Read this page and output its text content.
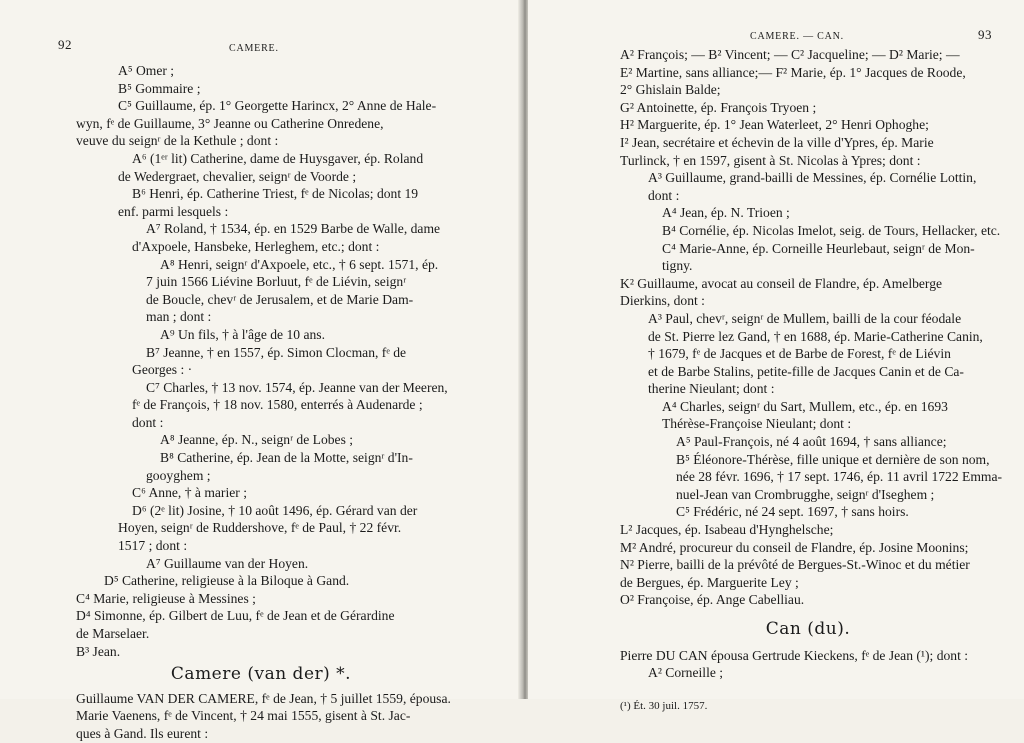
92	CAMERE.
A⁵ Omer ;
B⁵ Gommaire ;
C⁵ Guillaume, ép. 1° Georgette Harincx, 2° Anne de Hale-
wyn, fᵉ de Guillaume, 3° Jeanne ou Catherine Onredene,
veuve du seignʳ de la Kethule ; dont :
A⁶ (1ᵉʳ lit) Catherine, dame de Huysgaver, ép. Roland
de Wedergraet, chevalier, seignʳ de Voorde ;
B⁶ Henri, ép. Catherine Triest, fᵉ de Nicolas; dont 19
enf. parmi lesquels :
A⁷ Roland, † 1534, ép. en 1529 Barbe de Walle, dame
d'Axpoele, Hansbeke, Herleghem, etc.; dont :
A⁸ Henri, seignʳ d'Axpoele, etc., † 6 sept. 1571, ép.
7 juin 1566 Liévine Borluut, fᵉ de Liévin, seignʳ
de Boucle, chevʳ de Jerusalem, et de Marie Dam-
man ; dont :
A⁹ Un fils, † à l'âge de 10 ans.
B⁷ Jeanne, † en 1557, ép. Simon Clocman, fᵉ de
Georges : ·
C⁷ Charles, † 13 nov. 1574, ép. Jeanne van der Meeren,
fᵉ de François, † 18 nov. 1580, enterrés à Audenarde ;
dont :
A⁸ Jeanne, ép. N., seignʳ de Lobes ;
B⁸ Catherine, ép. Jean de la Motte, seignʳ d'In-
gooyghem ;
C⁶ Anne, † à marier ;
D⁶ (2ᵉ lit) Josine, † 10 août 1496, ép. Gérard van der
Hoyen, seignʳ de Ruddershove, fᵉ de Paul, † 22 févr.
1517 ; dont :
A⁷ Guillaume van der Hoyen.
D⁵ Catherine, religieuse à la Biloque à Gand.
C⁴ Marie, religieuse à Messines ;
D⁴ Simonne, ép. Gilbert de Luu, fᵉ de Jean et de Gérardine
de Marselaer.
B³ Jean.
Camere (van der) *.
Guillaume VAN DER CAMERE, fᵉ de Jean, † 5 juillet 1559, épousa.
Marie Vaenens, fᵉ de Vincent, † 24 mai 1555, gisent à St. Jac-
ques à Gand. Ils eurent :
CAMERE. — CAN.	93
A² François; — B² Vincent; — C² Jacqueline; — D² Marie; —
E² Martine, sans alliance;— F² Marie, ép. 1° Jacques de Roode,
2° Ghislain Balde;
G² Antoinette, ép. François Tryoen ;
H² Marguerite, ép. 1° Jean Waterleet, 2° Henri Ophoghe;
I² Jean, secrétaire et échevin de la ville d'Ypres, ép. Marie
Turlinck, † en 1597, gisent à St. Nicolas à Ypres; dont :
A³ Guillaume, grand-bailli de Messines, ép. Cornélie Lottin,
dont :
A⁴ Jean, ép. N. Trioen ;
B⁴ Cornélie, ép. Nicolas Imelot, seig. de Tours, Hellacker, etc.
C⁴ Marie-Anne, ép. Corneille Heurlebaut, seignʳ de Mon-
tigny.
K² Guillaume, avocat au conseil de Flandre, ép. Amelberge
Dierkins, dont :
A³ Paul, chevʳ, seignʳ de Mullem, bailli de la cour féodale
de St. Pierre lez Gand, † en 1688, ép. Marie-Catherine Canin,
† 1679, fᵉ de Jacques et de Barbe de Forest, fᵉ de Liévin
et de Barbe Stalins, petite-fille de Jacques Canin et de Ca-
therine Nieulant; dont :
A⁴ Charles, seignʳ du Sart, Mullem, etc., ép. en 1693
Thérèse-Françoise Nieulant; dont :
A⁵ Paul-François, né 4 août 1694, † sans alliance;
B⁵ Éléonore-Thérèse, fille unique et dernière de son nom,
née 28 févr. 1696, † 17 sept. 1746, ép. 11 avril 1722 Emma-
nuel-Jean van Crombrugghe, seignʳ d'Iseghem ;
C⁵ Frédéric, né 24 sept. 1697, † sans hoirs.
L² Jacques, ép. Isabeau d'Hynghelsche;
M² André, procureur du conseil de Flandre, ép. Josine Moonins;
N² Pierre, bailli de la prévôté de Bergues-St.-Winoc et du métier
de Bergues, ép. Marguerite Ley ;
O² Françoise, ép. Ange Cabelliau.
Can (du).
Pierre DU CAN épousa Gertrude Kieckens, fᵉ de Jean (¹); dont :
A² Corneille ;
(¹) Ét. 30 juil. 1757.
